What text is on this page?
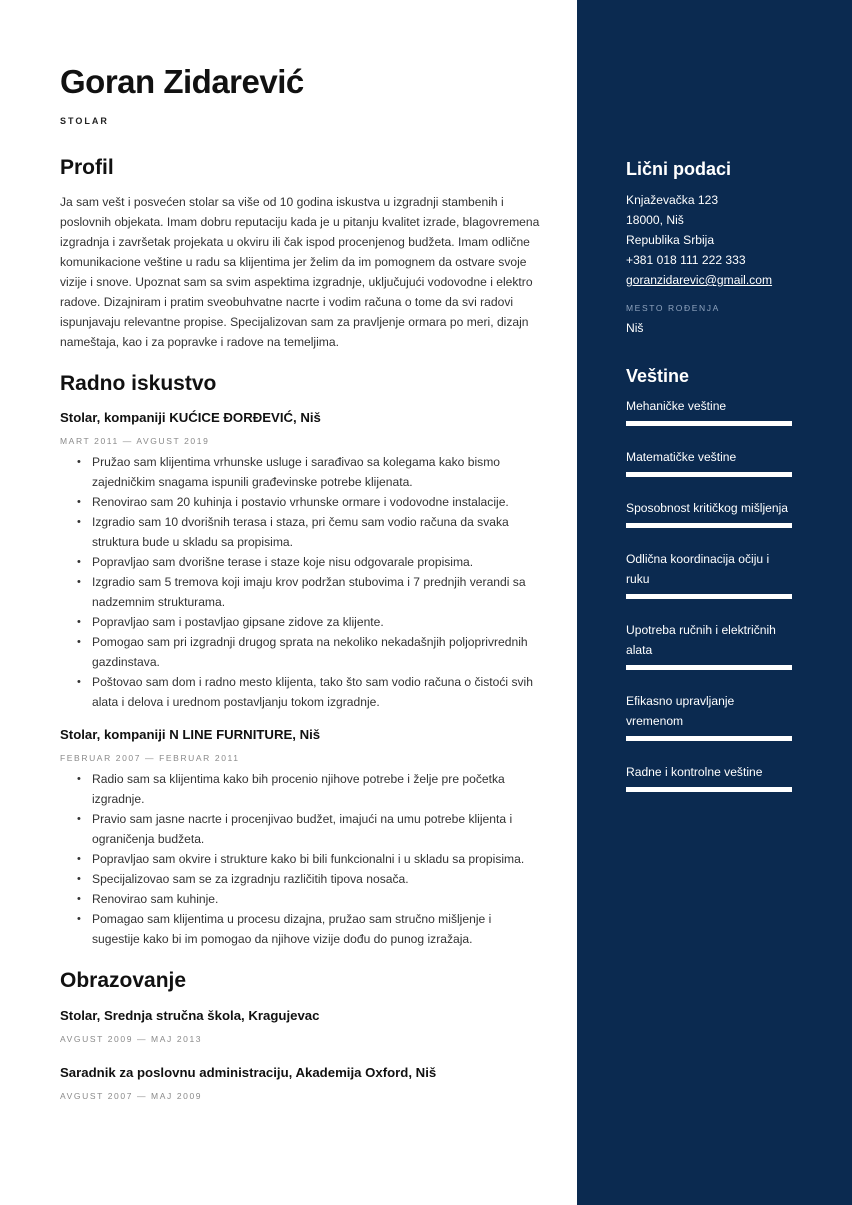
Goran Zidarević
STOLAR
Profil

Ja sam vešt i posvećen stolar sa više od 10 godina iskustva u izgradnji stambenih i poslovnih objekata. Imam dobru reputaciju kada je u pitanju kvalitet izrade, blagovremena izgradnja i završetak projekata u okviru ili čak ispod procenjenog budžeta. Imam odlične komunikacione veštine u radu sa klijentima jer želim da im pomognem da ostvare svoje vizije i snove. Upoznat sam sa svim aspektima izgradnje, uključujući vodovodne i elektro radove. Dizajniram i pratim sveobuhvatne nacrte i vodim računa o tome da svi radovi ispunjavaju relevantne propise. Specijalizovan sam za pravljenje ormara po meri, dizajn nameštaja, kao i za popravke i radove na temeljima.

Radno iskustvo
Stolar, kompaniji KUĆICE ĐORĐEVIĆ, Niš
MART 2011 — AVGUST 2019
• Pružao sam klijentima vrhunske usluge i sarađivao sa kolegama kako bismo zajedničkim snagama ispunili građevinske potrebe klijenata.
• Renovirao sam 20 kuhinja i postavio vrhunske ormare i vodovodne instalacije.
• Izgradio sam 10 dvorišnih terasa i staza, pri čemu sam vodio računa da svaka struktura bude u skladu sa propisima.
• Popravljao sam dvorišne terase i staze koje nisu odgovarale propisima.
• Izgradio sam 5 tremova koji imaju krov podržan stubovima i 7 prednjih verandi sa nadzemnim strukturama.
• Popravljao sam i postavljao gipsane zidove za klijente.
• Pomogao sam pri izgradnji drugog sprata na nekoliko nekadašnjih poljoprivrednih gazdinstava.
• Poštovao sam dom i radno mesto klijenta, tako što sam vodio računa o čistoći svih alata i delova i urednom postavljanju tokom izgradnje.
Stolar, kompaniji N LINE FURNITURE, Niš
FEBRUAR 2007 — FEBRUAR 2011
• Radio sam sa klijentima kako bih procenio njihove potrebe i želje pre početka izgradnje.
• Pravio sam jasne nacrte i procenjivao budžet, imajući na umu potrebe klijenta i ograničenja budžeta.
• Popravljao sam okvire i strukture kako bi bili funkcionalni i u skladu sa propisima.
• Specijalizovao sam se za izgradnju različitih tipova nosača.
• Renovirao sam kuhinje.
• Pomagao sam klijentima u procesu dizajna, pružao sam stručno mišljenje i sugestije kako bi im pomogao da njihove vizije dođu do punog izražaja.
Obrazovanje
Stolar, Srednja stručna škola, Kragujevac
AVGUST 2009 — MAJ 2013
Saradnik za poslovnu administraciju, Akademija Oxford, Niš
AVGUST 2007 — MAJ 2009
Lični podaci
Knjaževačka 123
18000, Niš
Republika Srbija
+381 018 111 222 333
goranzidarevic@gmail.com
MESTO ROĐENJA
Niš
Veštine
Mehaničke veštine
Matematičke veštine
Sposobnost kritičkog mišljenja
Odlična koordinacija očiju i ruku
Upotreba ručnih i električnih alata
Efikasno upravljanje vremenom
Radne i kontrolne veštine
